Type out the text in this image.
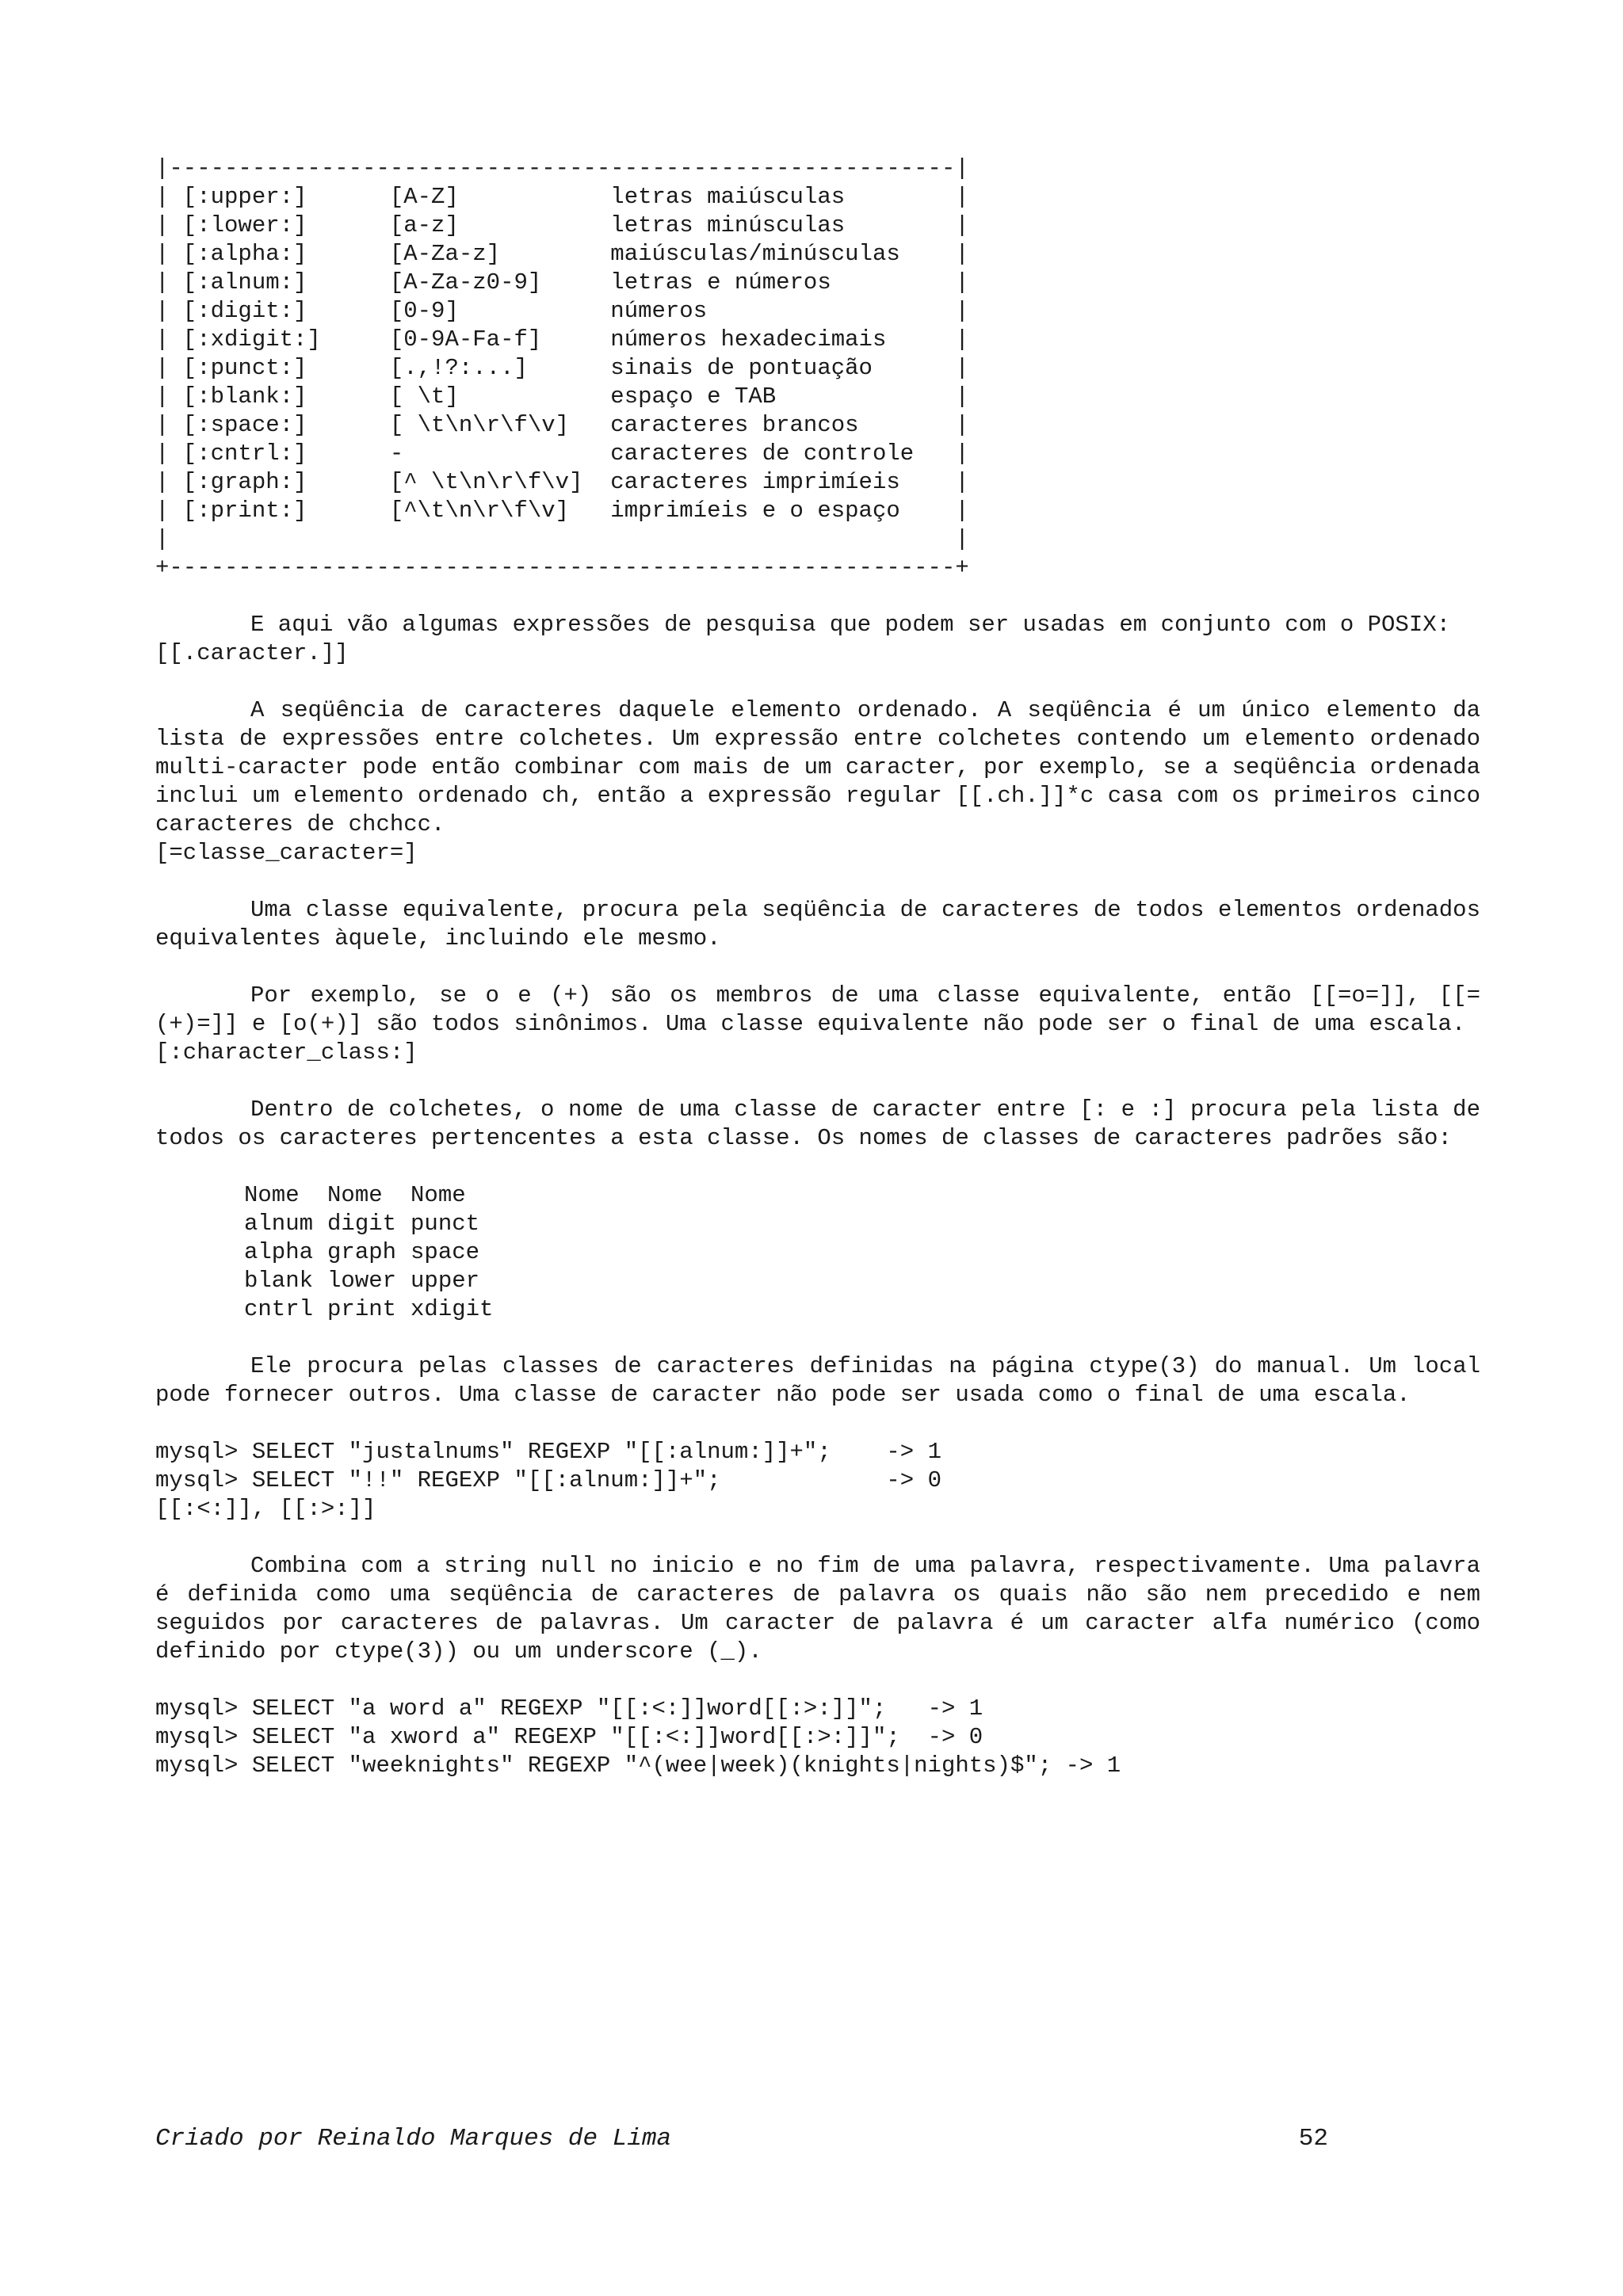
|---------------------------------------------------------|
| [:upper:]      [A-Z]           letras maiúsculas        |
| [:lower:]      [a-z]           letras minúsculas        |
| [:alpha:]      [A-Za-z]        maiúsculas/minúsculas    |
| [:alnum:]      [A-Za-z0-9]     letras e números         |
| [:digit:]      [0-9]           números                  |
| [:xdigit:]     [0-9A-Fa-f]     números hexadecimais     |
| [:punct:]      [.,!?:...]      sinais de pontuação      |
| [:blank:]      [ \t]           espaço e TAB             |
| [:space:]      [ \t\n\r\f\v]   caracteres brancos       |
| [:cntrl:]      -               caracteres de controle   |
| [:graph:]      [^ \t\n\r\f\v]  caracteres imprimíeis    |
| [:print:]      [^\t\n\r\f\v]   imprimíeis e o espaço    |
|                                                         |
+---------------------------------------------------------+

E aqui vão algumas expressões de pesquisa que podem ser usadas em conjunto com o POSIX:

[[.caracter.]]

A seqüência de caracteres daquele elemento ordenado. A seqüência é um único elemento da lista de expressões entre colchetes. Um expressão entre colchetes contendo um elemento ordenado multi-caracter pode então combinar com mais de um caracter, por exemplo, se a seqüência ordenada inclui um elemento ordenado ch, então a expressão regular [[.ch.]]*c casa com os primeiros cinco caracteres de chchcc.

[=classe_caracter=]

Uma classe equivalente, procura pela seqüência de caracteres de todos elementos ordenados equivalentes àquele, incluindo ele mesmo.

Por exemplo, se o e (+) são os membros de uma classe equivalente, então [[=o=]], [[=(+)=]] e [o(+)] são todos sinônimos. Uma classe equivalente não pode ser o final de uma escala.

[:character_class:]

Dentro de colchetes, o nome de uma classe de caracter entre [: e :] procura pela lista de todos os caracteres pertencentes a esta classe. Os nomes de classes de caracteres padrões são:

Nome	Nome	Nome
alnum	digit	punct
alpha	graph	space
blank	lower	upper
cntrl	print	xdigit

Ele procura pelas classes de caracteres definidas na página ctype(3) do manual. Um local pode fornecer outros. Uma classe de caracter não pode ser usada como o final de uma escala.

mysql> SELECT "justalnums" REGEXP "[[:alnum:]]+"; -> 1
mysql> SELECT "!!" REGEXP "[[:alnum:]]+";	-> 0

[[:<:]], [[:>:]]

Combina com a string null no inicio e no fim de uma palavra, respectivamente. Uma palavra é definida como uma seqüência de caracteres de palavra os quais não são nem precedido e nem seguidos por caracteres de palavras. Um caracter de palavra é um caracter alfa numérico (como definido por ctype(3)) ou um underscore (_).

mysql> SELECT "a word a" REGEXP "[[:<:]]word[[:>:]]"; -> 1
mysql> SELECT "a xword a" REGEXP "[[:<:]]word[[:>:]]"; -> 0
mysql> SELECT "weeknights" REGEXP "^(wee|week)(knights|nights)$"; -> 1
Criado por Reinaldo Marques de Lima	52
